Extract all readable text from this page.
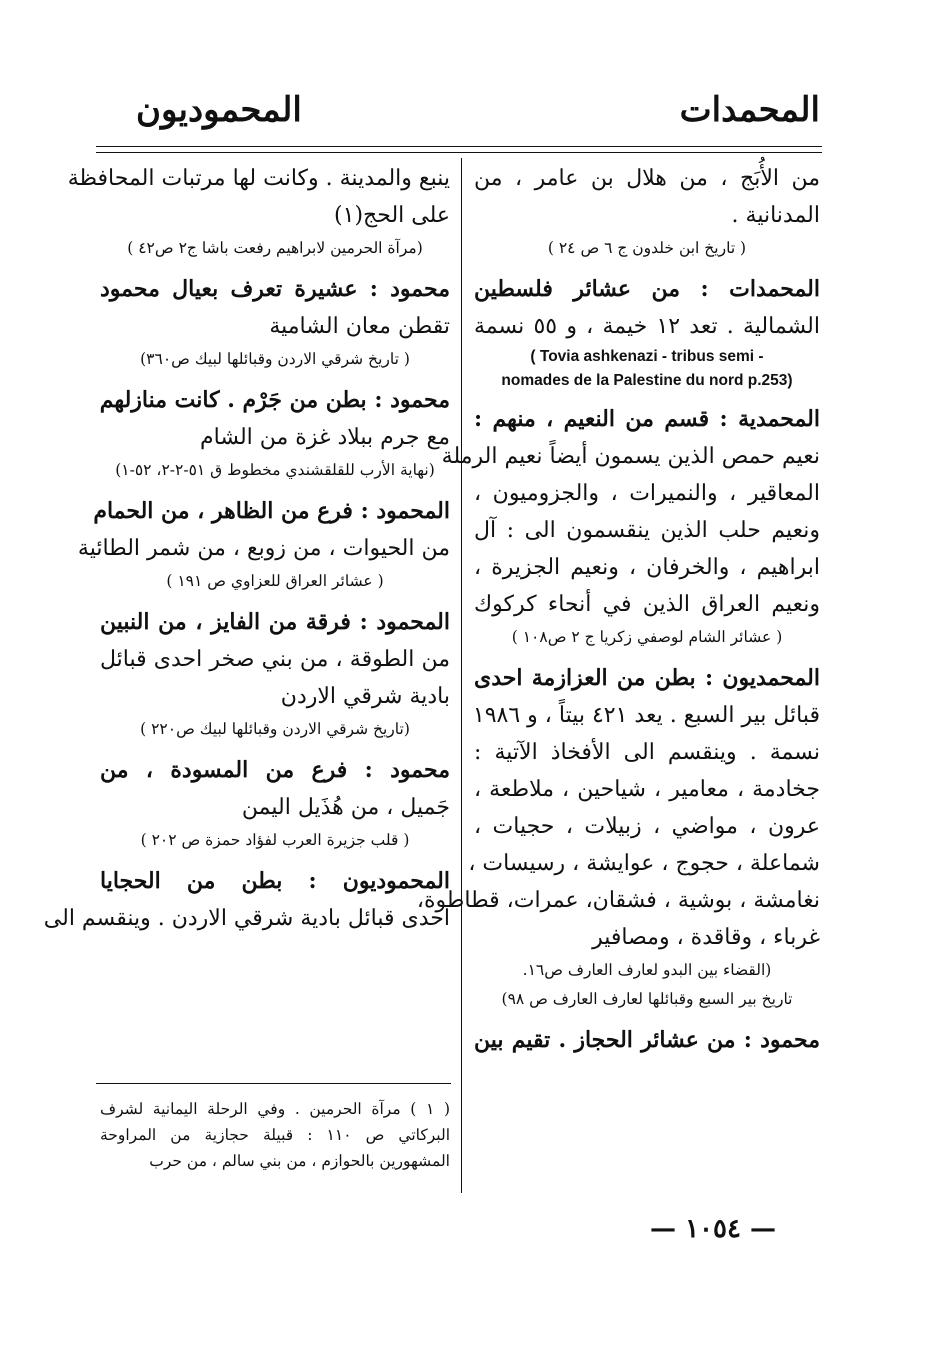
المحمدات
المحموديون
من الأُبَج ، من هلال بن عامر ، من
المدنانية .
( تاريخ ابن خلدون ج ٦ ص ٢٤ )
المحمدات : من عشائر فلسطين
الشمالية . تعد ١٢ خيمة ، و ٥٥ نسمة
( Tovia ashkenazi - tribus semi -
nomades de la Palestine du nord p.253)
المحمدية : قسم من النعيم ، منهم :
نعيم حمص الذين يسمون أيضاً نعيم الرملة
المعاقير ، والنميرات ، والجزوميون ،
ونعيم حلب الذين ينقسمون الى : آل
ابراهيم ، والخرفان ، ونعيم الجزيرة ،
ونعيم العراق الذين في أنحاء كركوك
( عشائر الشام لوصفي زكريا ج ٢ ص١٠٨ )
المحمديون : بطن من العزازمة احدى
قبائل بير السبع . يعد ٤٢١ بيتاً ، و ١٩٨٦
نسمة . وينقسم الى الأفخاذ الآتية :
جخادمة ، معامير ، شياحين ، ملاطعة ،
عرون ، مواضي ، زبيلات ، حجيات ،
شماعلة ، حجوج ، عوايشة ، رسيسات ،
نغامشة ، بوشية ، فشقان، عمرات، قطاطوة،
غرباء ، وقاقدة ، ومصافير
(القضاء بين البدو لعارف العارف ص١٦.
تاريخ بير السبع وقبائلها لعارف العارف ص ٩٨)
محمود : من عشائر الحجاز . تقيم بين
ينبع والمدينة . وكانت لها مرتبات المحافظة
على الحج(١)
(مرآة الحرمين لابراهيم رفعت باشا ج٢ ص٤٢ )
محمود : عشيرة تعرف بعيال محمود
تقطن معان الشامية
( تاريخ شرقي الاردن وقبائلها لبيك ص٣٦٠)
محمود : بطن من جَرْم . كانت منازلهم
مع جرم ببلاد غزة من الشام
(نهاية الأرب للقلقشندي مخطوط ق ٥١-٢-٢، ٥٢-١)
المحمود : فرع من الظاهر ، من الحمام
من الحيوات ، من زوبع ، من شمر الطائية
( عشائر العراق للعزاوي ص ١٩١ )
المحمود : فرقة من الفايز ، من النبين
من الطوقة ، من بني صخر احدى قبائل
بادية شرقي الاردن
(تاريخ شرقي الاردن وقبائلها لبيك ص٢٢٠ )
محمود : فرع من المسودة ، من
جَميل ، من هُذَيل اليمن
( قلب جزيرة العرب لفؤاد حمزة ص ٢٠٢ )
المحموديون : بطن من الحجايا
احدى قبائل بادية شرقي الاردن . وينقسم الى
( ١ ) مرآة الحرمين . وفي الرحلة اليمانية لشرف
البركاتي ص ١١٠ : قبيلة حجازية من المراوحة
المشهورين بالحوازم ، من بني سالم ، من حرب
— ١٠٥٤ —
